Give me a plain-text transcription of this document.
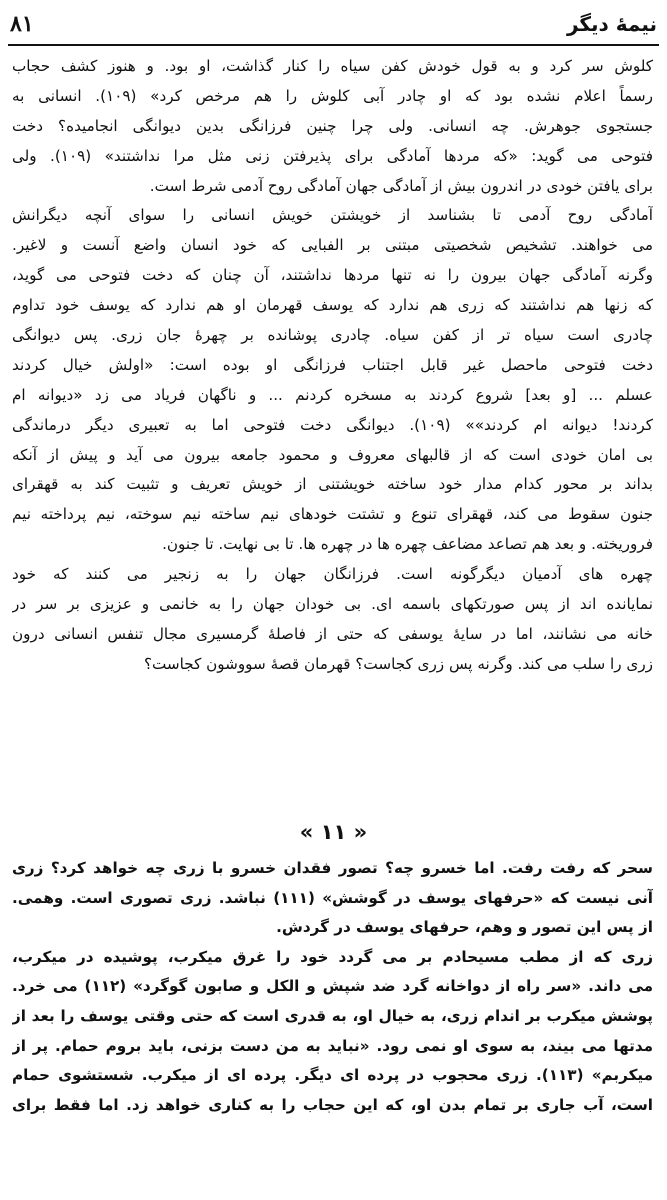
۸۱	نیمهٔ دیگر
کلوش سر کرد و به قول خودش کفن سیاه را کنار گذاشت، او بود. و هنوز کشف حجاب
رسماً اعلام نشده بود که او چادر آبی کلوش را هم مرخص کرد» (۱۰۹). انسانی به
جستجوی جوهرش. چه انسانی. ولی چرا چنین فرزانگی بدین دیوانگی انجامیده؟ دخت
فتوحی می گوید: «که مردها آمادگی برای پذیرفتن زنی مثل مرا نداشتند» (۱۰۹). ولی
برای یافتن خودی در اندرون بیش از آمادگی جهان آمادگی روح آدمی شرط است.
آمادگی روح آدمی تا بشناسد از خویشتن خویش انسانی را سوای آنچه دیگرانش
می خواهند. تشخیص شخصیتی مبتنی بر الفبایی که خود انسان واضع آنست و لاغیر.
وگرنه آمادگی جهان بیرون را نه تنها مردها نداشتند، آن چنان که دخت فتوحی می گوید،
که زنها هم نداشتند که زری هم ندارد که یوسف قهرمان او هم ندارد که یوسف خود تداوم
چادری است سیاه تر از کفن سیاه. چادری پوشانده بر چهرهٔ جان زری. پس دیوانگی
دخت فتوحی ماحصل غیر قابل اجتناب فرزانگی او بوده است: «اولش خیال کردند
عسلم ... [و بعد] شروع کردند به مسخره کردنم ... و ناگهان فریاد می زد «دیوانه ام
کردند! دیوانه ام کردند»» (۱۰۹). دیوانگی دخت فتوحی اما به تعبیری دیگر درماندگی
بی امان خودی است که از قالبهای معروف و محمود جامعه بیرون می آید و پیش از آنکه
بداند بر محور کدام مدار خود ساخته خویشتنی از خویش تعریف و تثبیت کند به قهقرای
جنون سقوط می کند، قهقرای تنوع و تشتت خودهای نیم ساخته نیم سوخته، نیم پرداخته نیم
فروریخته. و بعد هم تصاعد مضاعف چهره ها در چهره ها. تا بی نهایت. تا جنون.
چهره های آدمیان دیگرگونه است. فرزانگان جهان را به زنجیر می کنند که خود
نمایانده اند از پس صورتکهای باسمه ای. بی خودان جهان را به خانمی و عزیزی بر سر در
خانه می نشانند، اما در سایهٔ یوسفی که حتی از فاصلهٔ گرمسیری مجال تنفس انسانی درون
زری را سلب می کند. وگرنه پس زری کجاست؟ قهرمان قصهٔ سووشون کجاست؟
« ۱۱ »
سحر که رفت رفت. اما خسرو چه؟ تصور فقدان خسرو با زری چه خواهد کرد؟ زری
آنی نیست که «حرفهای یوسف در گوشش» (۱۱۱) نباشد. زری تصوری است. وهمی.
از پس این تصور و وهم، حرفهای یوسف در گردش.
زری که از مطب مسیحادم بر می گردد خود را غرق میکرب، پوشیده در میکرب،
می داند. «سر راه از دواخانه گرد ضد شپش و الکل و صابون گوگرد» (۱۱۲) می خرد.
پوشش میکرب بر اندام زری، به خیال او، به قدری است که حتی وقتی یوسف را بعد از
مدتها می بیند، به سوی او نمی رود. «نباید به من دست بزنی، باید بروم حمام. پر از
میکربم» (۱۱۳). زری محجوب در پرده ای دیگر. پرده ای از میکرب. شستشوی حمام
است، آب جاری بر تمام بدن او، که این حجاب را به کناری خواهد زد. اما فقط برای
